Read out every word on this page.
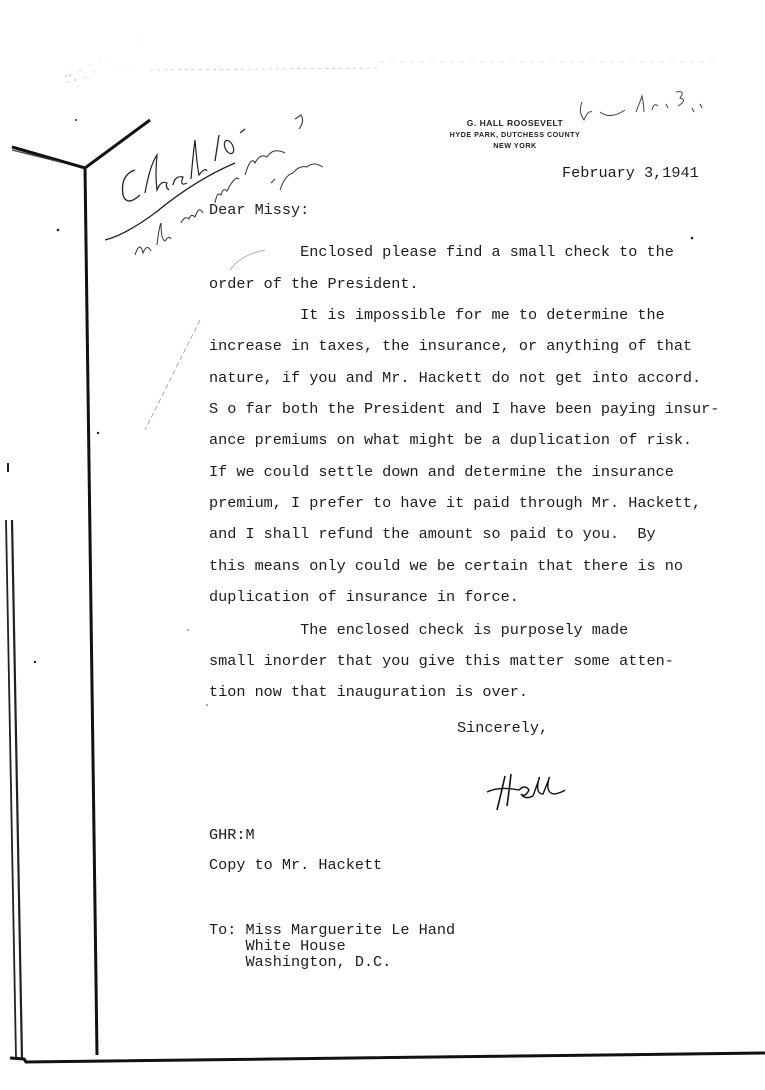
G. HALL ROOSEVELT
HYDE PARK, DUTCHESS COUNTY
NEW YORK
February 3,1941
Dear Missy:
Enclosed please find a small check to the
order of the President.
It is impossible for me to determine the
increase in taxes, the insurance, or anything of that
nature, if you and Mr. Hackett do not get into accord.
S o far both the President and I have been paying insur-
ance premiums on what might be a duplication of risk.
If we could settle down and determine the insurance
premium, I prefer to have it paid through Mr. Hackett,
and I shall refund the amount so paid to you.  By
this means only could we be certain that there is no
duplication of insurance in force.
The enclosed check is purposely made
small inorder that you give this matter some atten-
tion now that inauguration is over.
Sincerely,
GHR:M
Copy to Mr. Hackett
To: Miss Marguerite Le Hand
White House
Washington, D.C.
